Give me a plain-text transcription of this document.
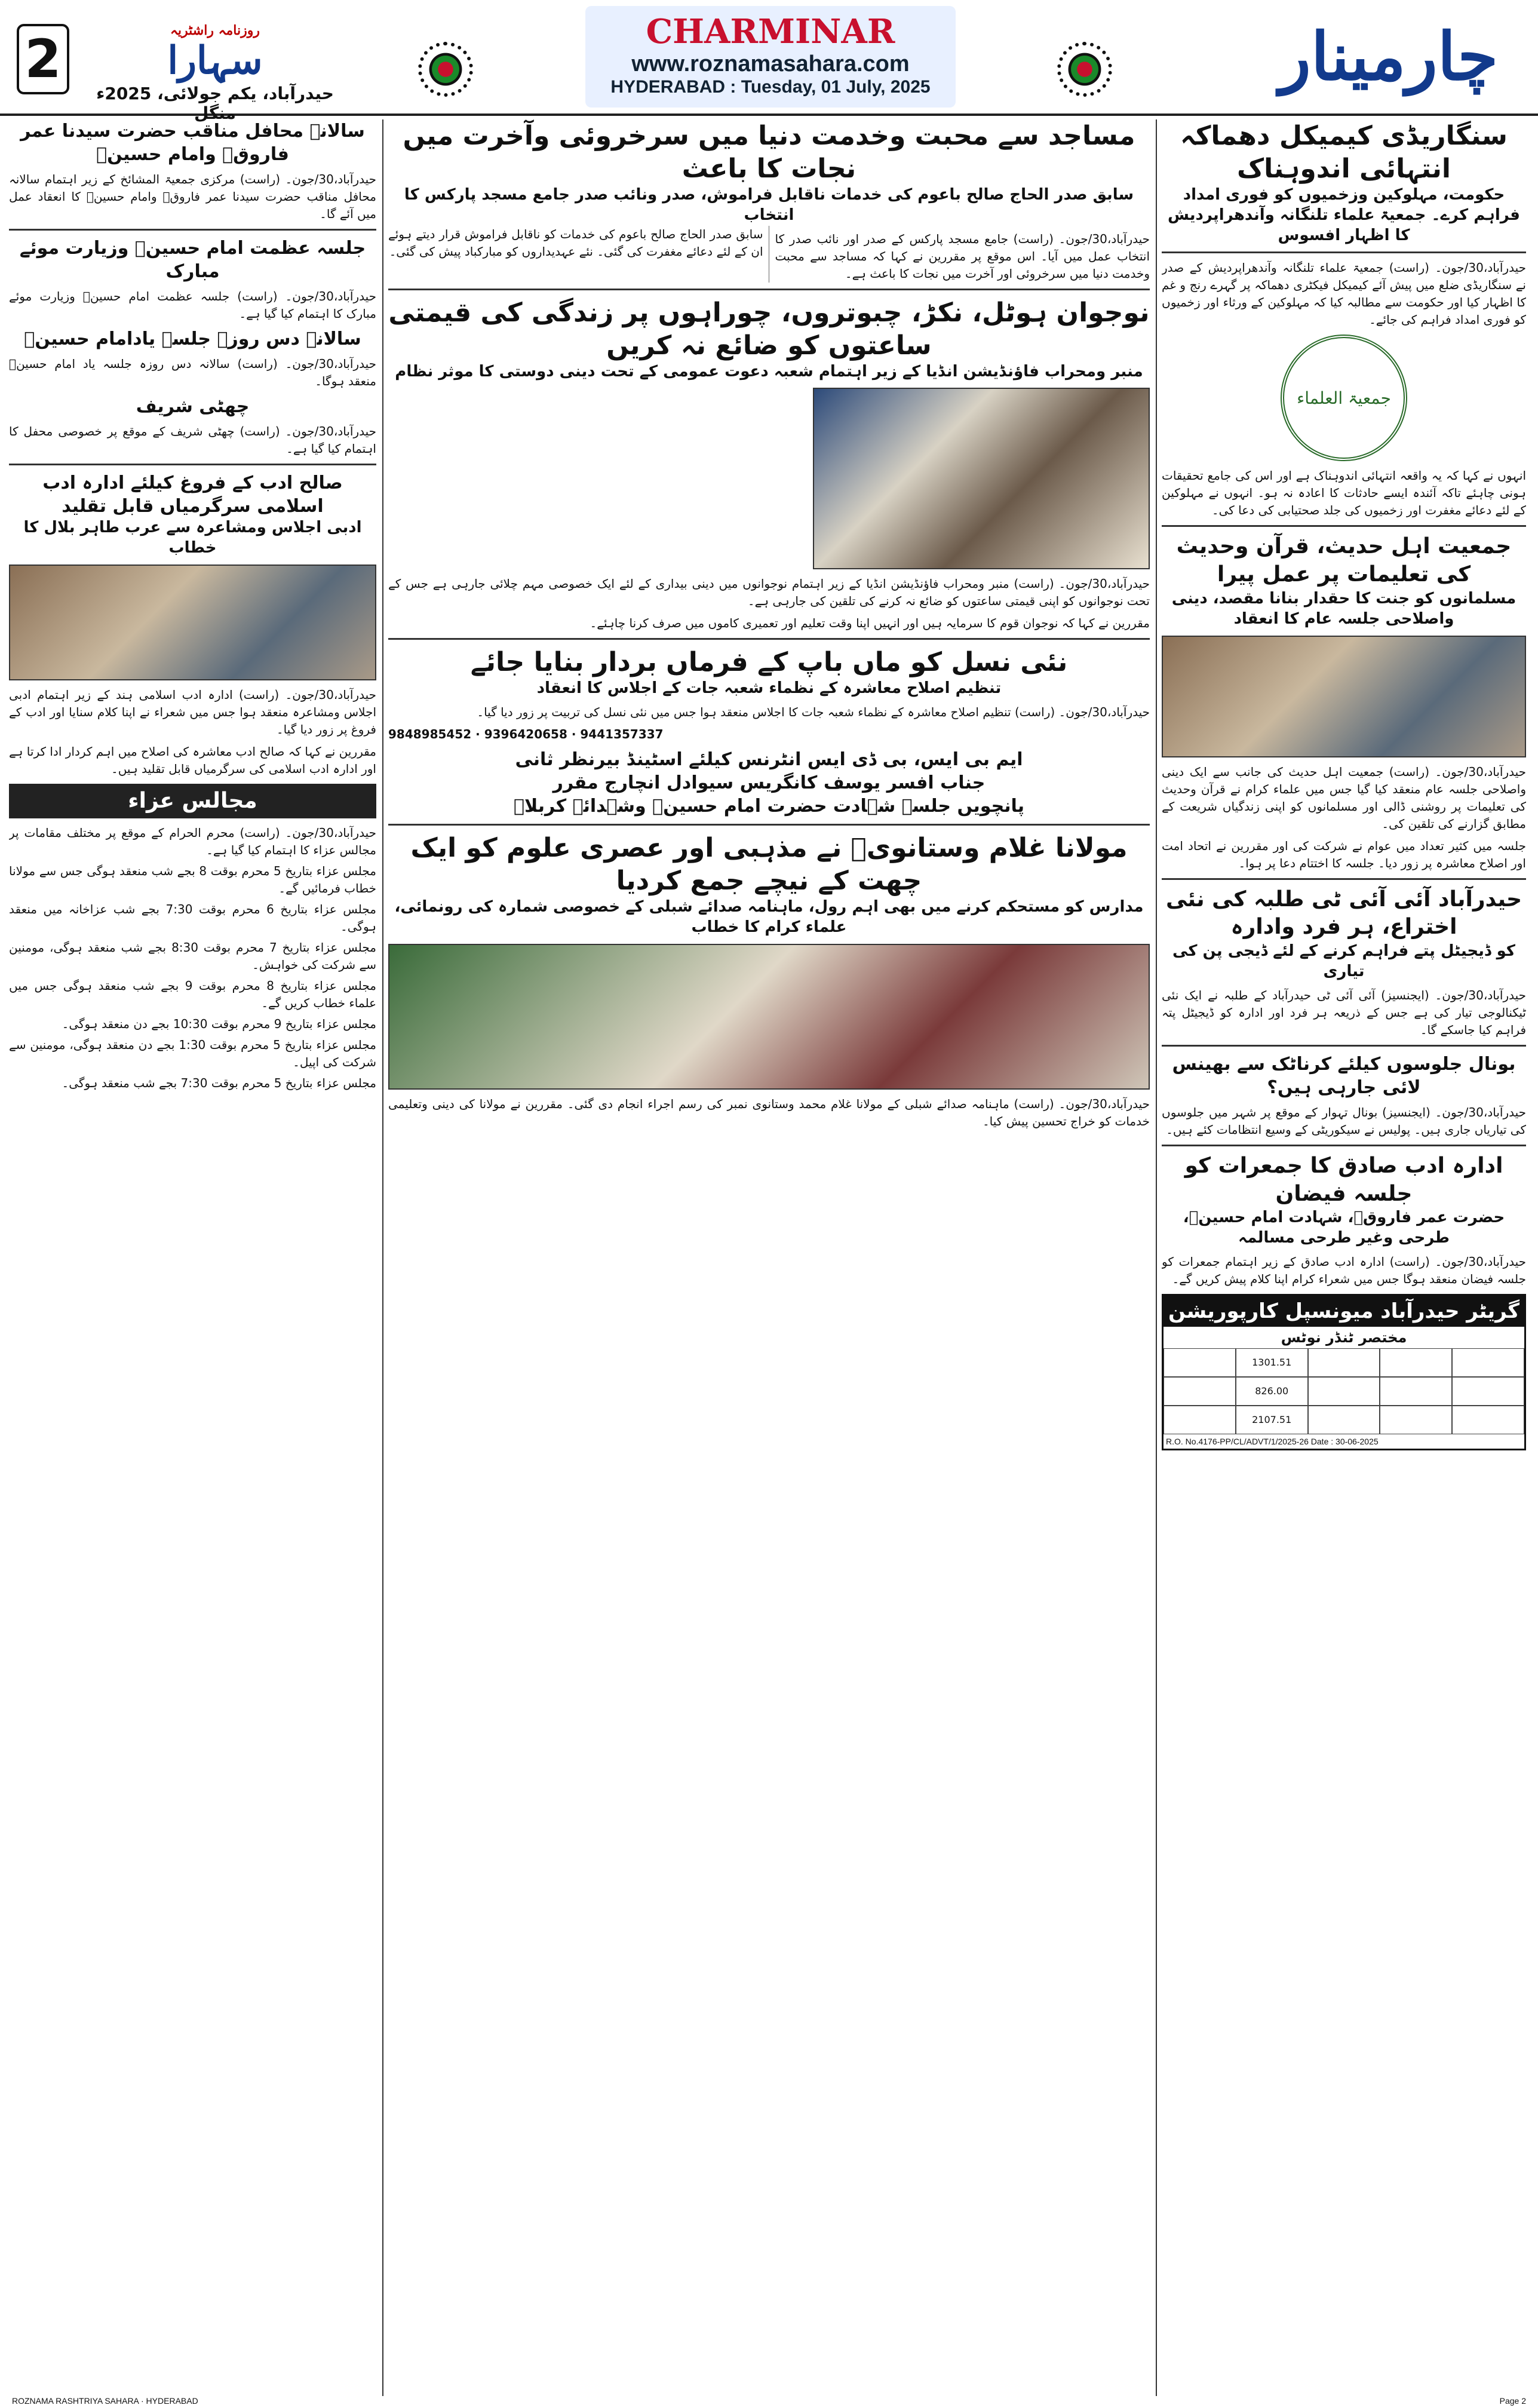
2	روزنامہ راشٹریہ
سہارا
حیدرآباد، یکم جولائی، 2025ء منگل
CHARMINAR
www.roznamasahara.com
HYDERABAD : Tuesday, 01 July, 2025	چارمینار
سنگاریڈی کیمیکل دھماکہ انتہائی اندوہناک
حکومت، مہلوکین وزخمیوں کو فوری امداد فراہم کرے۔ جمعیۃ علماء تلنگانہ وآندھراپردیش کا اظہار افسوس

حیدرآباد،30/جون۔ (راست) جمعیۃ علماء تلنگانہ وآندھراپردیش کے صدر نے سنگاریڈی ضلع میں پیش آئے کیمیکل فیکٹری دھماکہ پر گہرے رنج و غم کا اظہار کیا اور حکومت سے مطالبہ کیا کہ مہلوکین کے ورثاء اور زخمیوں کو فوری امداد فراہم کی جائے۔

جمعیۃ العلماء

انہوں نے کہا کہ یہ واقعہ انتہائی اندوہناک ہے اور اس کی جامع تحقیقات ہونی چاہئے تاکہ آئندہ ایسے حادثات کا اعادہ نہ ہو۔ انہوں نے مہلوکین کے لئے دعائے مغفرت اور زخمیوں کی جلد صحتیابی کی دعا کی۔

جمعیت اہل حدیث، قرآن وحدیث کی تعلیمات پر عمل پیرا
مسلمانوں کو جنت کا حقدار بنانا مقصد، دینی واصلاحی جلسہ عام کا انعقاد

حیدرآباد،30/جون۔ (راست) جمعیت اہل حدیث کی جانب سے ایک دینی واصلاحی جلسہ عام منعقد کیا گیا جس میں علماء کرام نے قرآن وحدیث کی تعلیمات پر روشنی ڈالی اور مسلمانوں کو اپنی زندگیاں شریعت کے مطابق گزارنے کی تلقین کی۔

جلسہ میں کثیر تعداد میں عوام نے شرکت کی اور مقررین نے اتحاد امت اور اصلاح معاشرہ پر زور دیا۔ جلسہ کا اختتام دعا پر ہوا۔

حیدرآباد آئی آئی ٹی طلبہ کی نئی اختراع، ہر فرد وادارہ
کو ڈیجیٹل پتے فراہم کرنے کے لئے ڈیجی پن کی تیاری

حیدرآباد،30/جون۔ (ایجنسیز) آئی آئی ٹی حیدرآباد کے طلبہ نے ایک نئی ٹیکنالوجی تیار کی ہے جس کے ذریعہ ہر فرد اور ادارہ کو ڈیجیٹل پتہ فراہم کیا جاسکے گا۔

بونال جلوسوں کیلئے کرناٹک سے بھینس لائی جارہی ہیں؟

حیدرآباد،30/جون۔ (ایجنسیز) بونال تہوار کے موقع پر شہر میں جلوسوں کی تیاریاں جاری ہیں۔ پولیس نے سیکوریٹی کے وسیع انتظامات کئے ہیں۔

ادارہ ادب صادق کا جمعرات کو جلسہ فیضان
حضرت عمر فاروقؓ، شہادت امام حسینؓ، طرحی وغیر طرحی مسالمہ

حیدرآباد،30/جون۔ (راست) ادارہ ادب صادق کے زیر اہتمام جمعرات کو جلسہ فیضان منعقد ہوگا جس میں شعراء کرام اپنا کلام پیش کریں گے۔

گریٹر حیدرآباد میونسپل کارپوریشن
مختصر ٹنڈر نوٹس
1301.51
826.00
2107.51
R.O. No.4176-PP/CL/ADVT/1/2025-26 Date : 30-06-2025
مساجد سے محبت وخدمت دنیا میں سرخروئی وآخرت میں نجات کا باعث
سابق صدر الحاج صالح باعوم کی خدمات ناقابل فراموش، صدر ونائب صدر جامع مسجد پارکس کا انتخاب

حیدرآباد،30/جون۔ (راست) جامع مسجد پارکس کے صدر اور نائب صدر کا انتخاب عمل میں آیا۔ اس موقع پر مقررین نے کہا کہ مساجد سے محبت وخدمت دنیا میں سرخروئی اور آخرت میں نجات کا باعث ہے۔

سابق صدر الحاج صالح باعوم کی خدمات کو ناقابل فراموش قرار دیتے ہوئے ان کے لئے دعائے مغفرت کی گئی۔ نئے عہدیداروں کو مبارکباد پیش کی گئی۔

نوجوان ہوٹل، نکڑ، چبوتروں، چوراہوں پر زندگی کی قیمتی ساعتوں کو ضائع نہ کریں
منبر ومحراب فاؤنڈیشن انڈیا کے زیر اہتمام شعبہ دعوت عمومی کے تحت دینی دوستی کا موثر نظام

حیدرآباد،30/جون۔ (راست) منبر ومحراب فاؤنڈیشن انڈیا کے زیر اہتمام نوجوانوں میں دینی بیداری کے لئے ایک خصوصی مہم چلائی جارہی ہے جس کے تحت نوجوانوں کو اپنی قیمتی ساعتوں کو ضائع نہ کرنے کی تلقین کی جارہی ہے۔

مقررین نے کہا کہ نوجوان قوم کا سرمایہ ہیں اور انہیں اپنا وقت تعلیم اور تعمیری کاموں میں صرف کرنا چاہئے۔

نئی نسل کو ماں باپ کے فرماں بردار بنایا جائے
تنظیم اصلاح معاشرہ کے نظماء شعبہ جات کے اجلاس کا انعقاد

حیدرآباد،30/جون۔ (راست) تنظیم اصلاح معاشرہ کے نظماء شعبہ جات کا اجلاس منعقد ہوا جس میں نئی نسل کی تربیت پر زور دیا گیا۔

9848985452 · 9396420658 · 9441357337

ایم بی ایس، بی ڈی ایس انٹرنس کیلئے اسٹینڈ بیرنظر ثانی
جناب افسر یوسف کانگریس سیوادل انچارج مقرر
پانچویں جلسہ شہادت حضرت امام حسینؓ وشہدائے کربلاؓ
مولانا غلام وستانویؒ نے مذہبی اور عصری علوم کو ایک چھت کے نیچے جمع کردیا
مدارس کو مستحکم کرنے میں بھی اہم رول، ماہنامہ صدائے شبلی کے خصوصی شمارہ کی رونمائی، علماء کرام کا خطاب

حیدرآباد،30/جون۔ (راست) ماہنامہ صدائے شبلی کے مولانا غلام محمد وستانوی نمبر کی رسم اجراء انجام دی گئی۔ مقررین نے مولانا کی دینی وتعلیمی خدمات کو خراج تحسین پیش کیا۔

سالانہ محافل مناقب حضرت سیدنا عمر فاروقؓ وامام حسینؓ

حیدرآباد،30/جون۔ (راست) مرکزی جمعیۃ المشائخ کے زیر اہتمام سالانہ محافل مناقب حضرت سیدنا عمر فاروقؓ وامام حسینؓ کا انعقاد عمل میں آئے گا۔

جلسہ عظمت امام حسینؓ وزیارت موئے مبارک

حیدرآباد،30/جون۔ (راست) جلسہ عظمت امام حسینؓ وزیارت موئے مبارک کا اہتمام کیا گیا ہے۔

سالانہ دس روزہ جلسہ یادامام حسینؓ

حیدرآباد،30/جون۔ (راست) سالانہ دس روزہ جلسہ یاد امام حسینؓ منعقد ہوگا۔

چھٹی شریف

حیدرآباد،30/جون۔ (راست) چھٹی شریف کے موقع پر خصوصی محفل کا اہتمام کیا گیا ہے۔

صالح ادب کے فروغ کیلئے ادارہ ادب اسلامی سرگرمیاں قابل تقلید
ادبی اجلاس ومشاعرہ سے عرب طاہر بلال کا خطاب

حیدرآباد،30/جون۔ (راست) ادارہ ادب اسلامی ہند کے زیر اہتمام ادبی اجلاس ومشاعرہ منعقد ہوا جس میں شعراء نے اپنا کلام سنایا اور ادب کے فروغ پر زور دیا گیا۔

مقررین نے کہا کہ صالح ادب معاشرہ کی اصلاح میں اہم کردار ادا کرتا ہے اور ادارہ ادب اسلامی کی سرگرمیاں قابل تقلید ہیں۔

مجالس عزاء
حیدرآباد،30/جون۔ (راست) محرم الحرام کے موقع پر مختلف مقامات پر مجالس عزاء کا اہتمام کیا گیا ہے۔
مجلس عزاء بتاریخ 5 محرم بوقت 8 بجے شب منعقد ہوگی جس سے مولانا خطاب فرمائیں گے۔
مجلس عزاء بتاریخ 6 محرم بوقت 7:30 بجے شب عزاخانہ میں منعقد ہوگی۔
مجلس عزاء بتاریخ 7 محرم بوقت 8:30 بجے شب منعقد ہوگی، مومنین سے شرکت کی خواہش۔
مجلس عزاء بتاریخ 8 محرم بوقت 9 بجے شب منعقد ہوگی جس میں علماء خطاب کریں گے۔
مجلس عزاء بتاریخ 9 محرم بوقت 10:30 بجے دن منعقد ہوگی۔
مجلس عزاء بتاریخ 5 محرم بوقت 1:30 بجے دن منعقد ہوگی، مومنین سے شرکت کی اپیل۔
مجلس عزاء بتاریخ 5 محرم بوقت 7:30 بجے شب منعقد ہوگی۔
ROZNAMA RASHTRIYA SAHARA · HYDERABAD	Page 2
